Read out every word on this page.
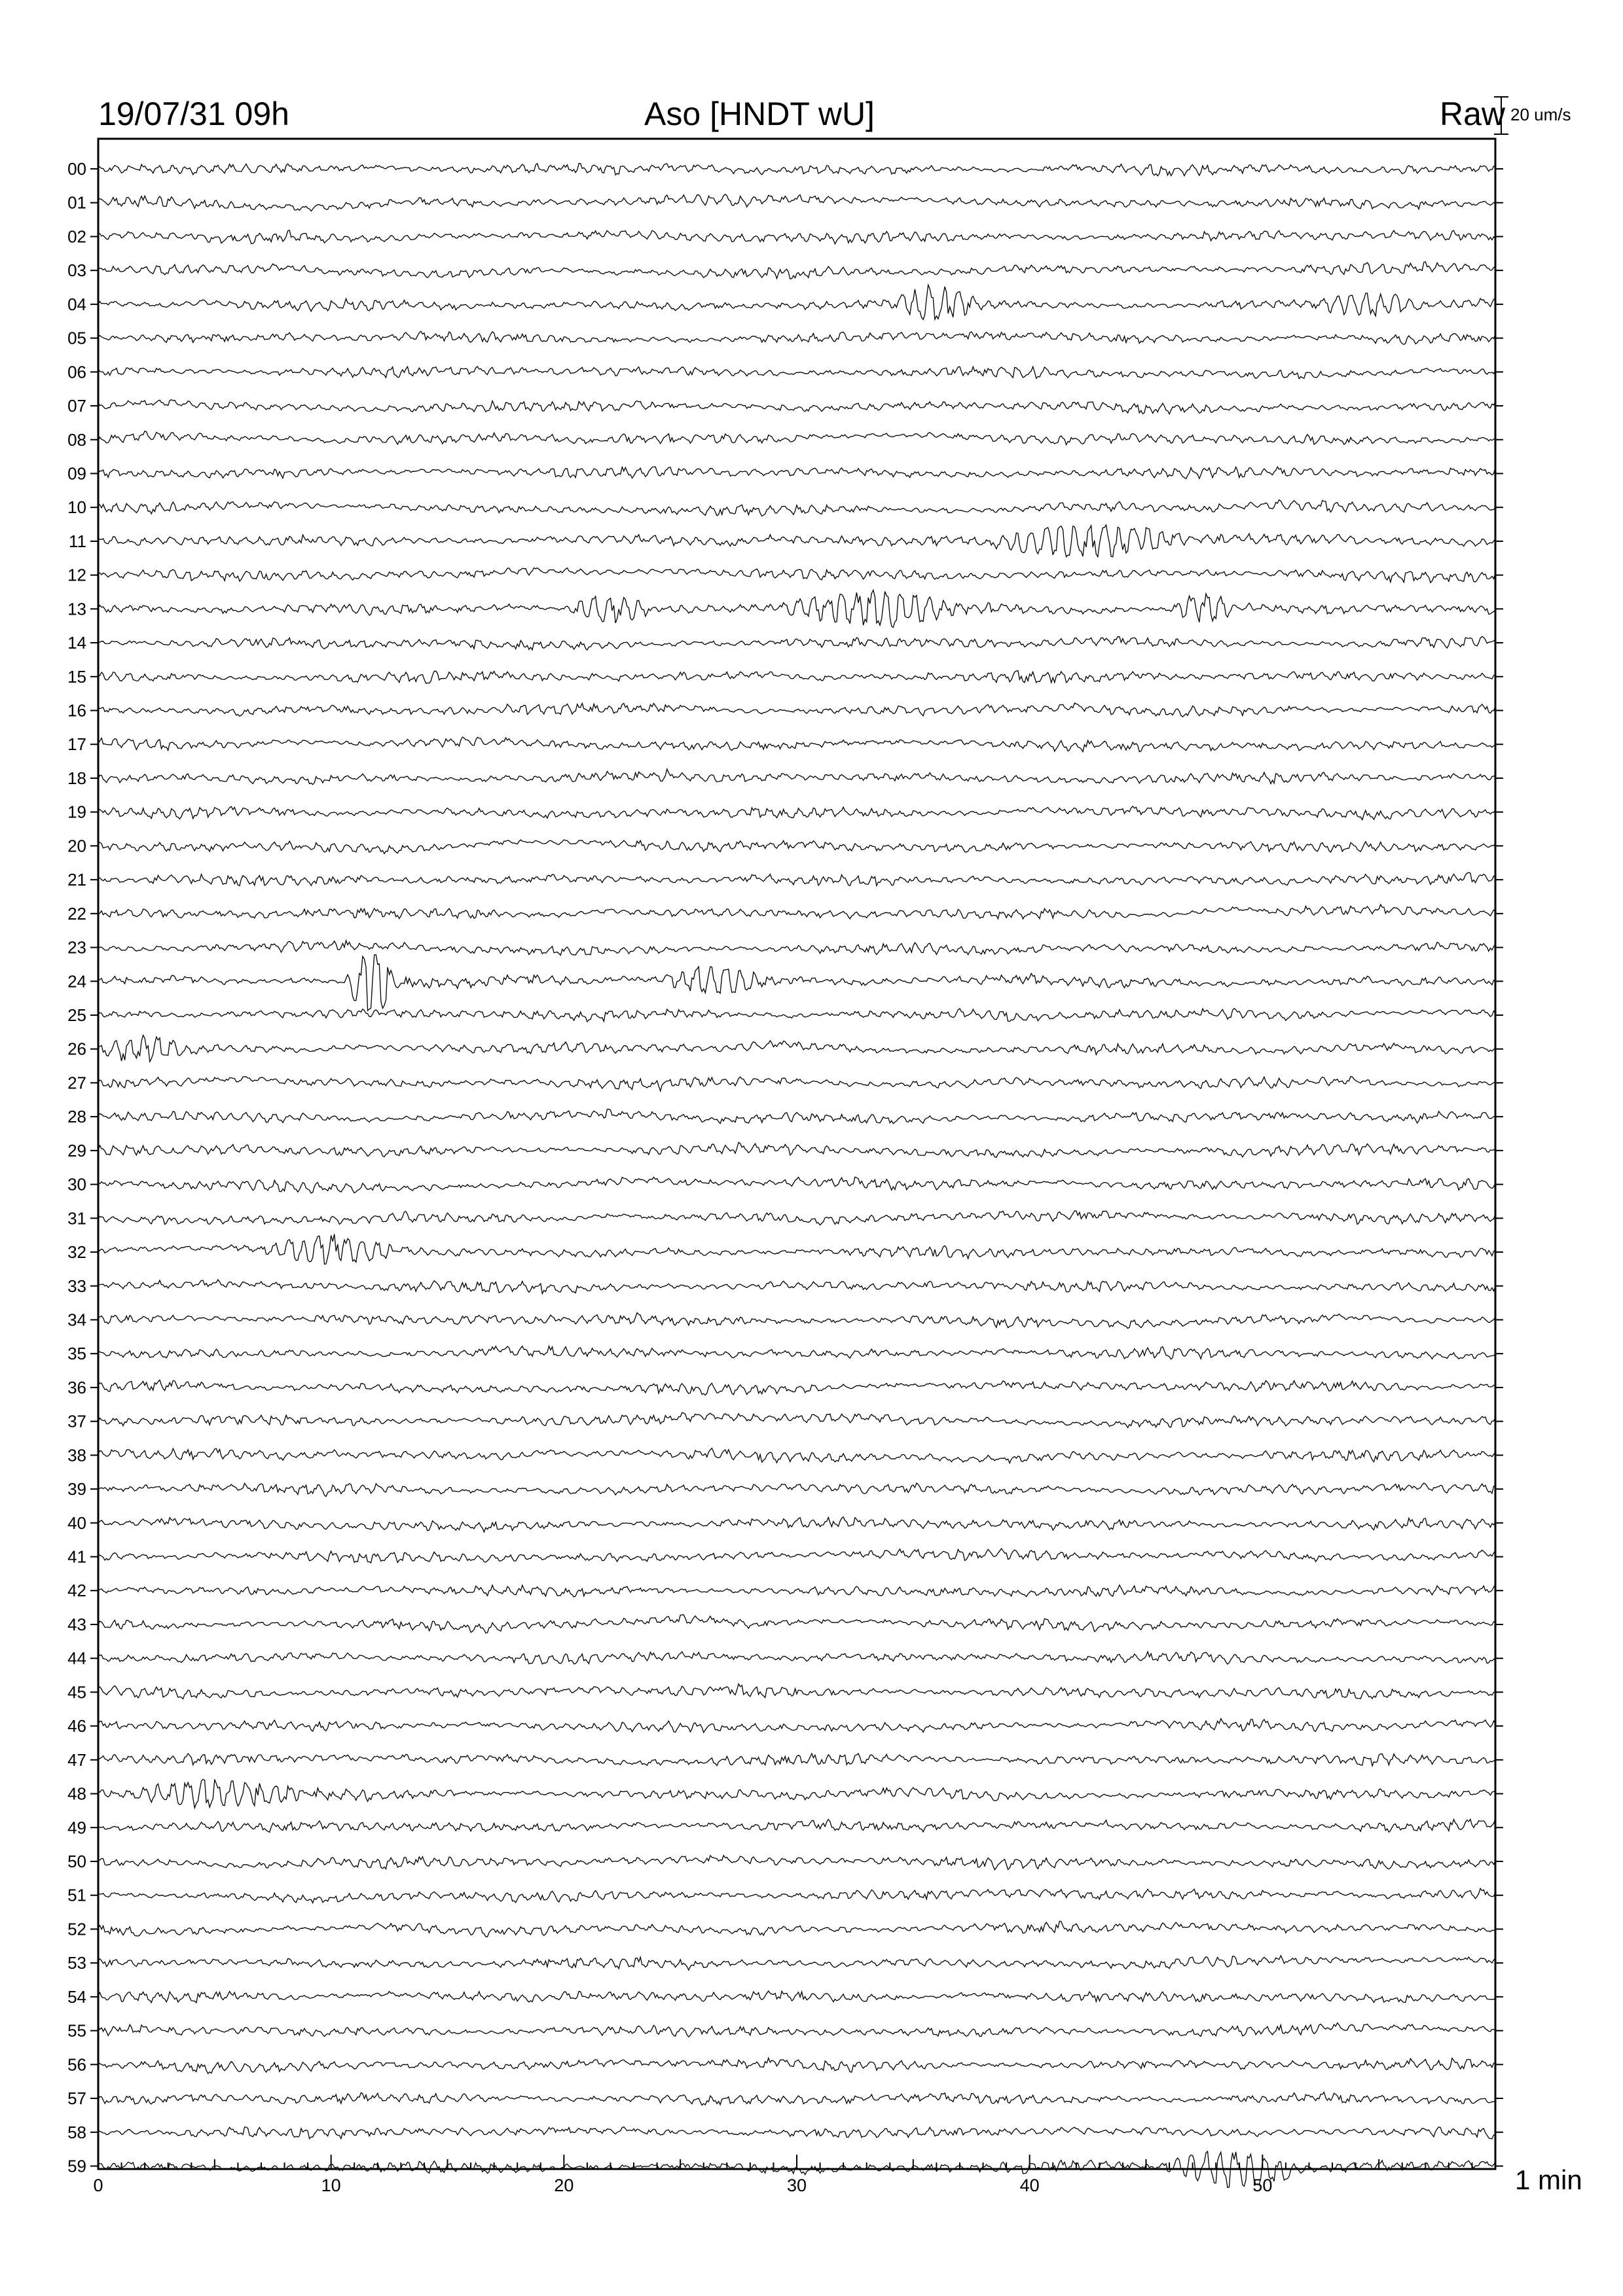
19/07/31 09h	Aso [HNDT wU]	Raw 20 um/s
1 min
00
01
02
03
04
05
06
07
08
09
10
11
12
13
14
15
16
17
18
19
20
21
22
23
24
25
26
27
28
29
30
31
32
33
34
35
36
37
38
39
40
41
42
43
44
45
46
47
48
49
50
51
52
53
54
55
56
57
58
59
0	10	20	30	40	50
